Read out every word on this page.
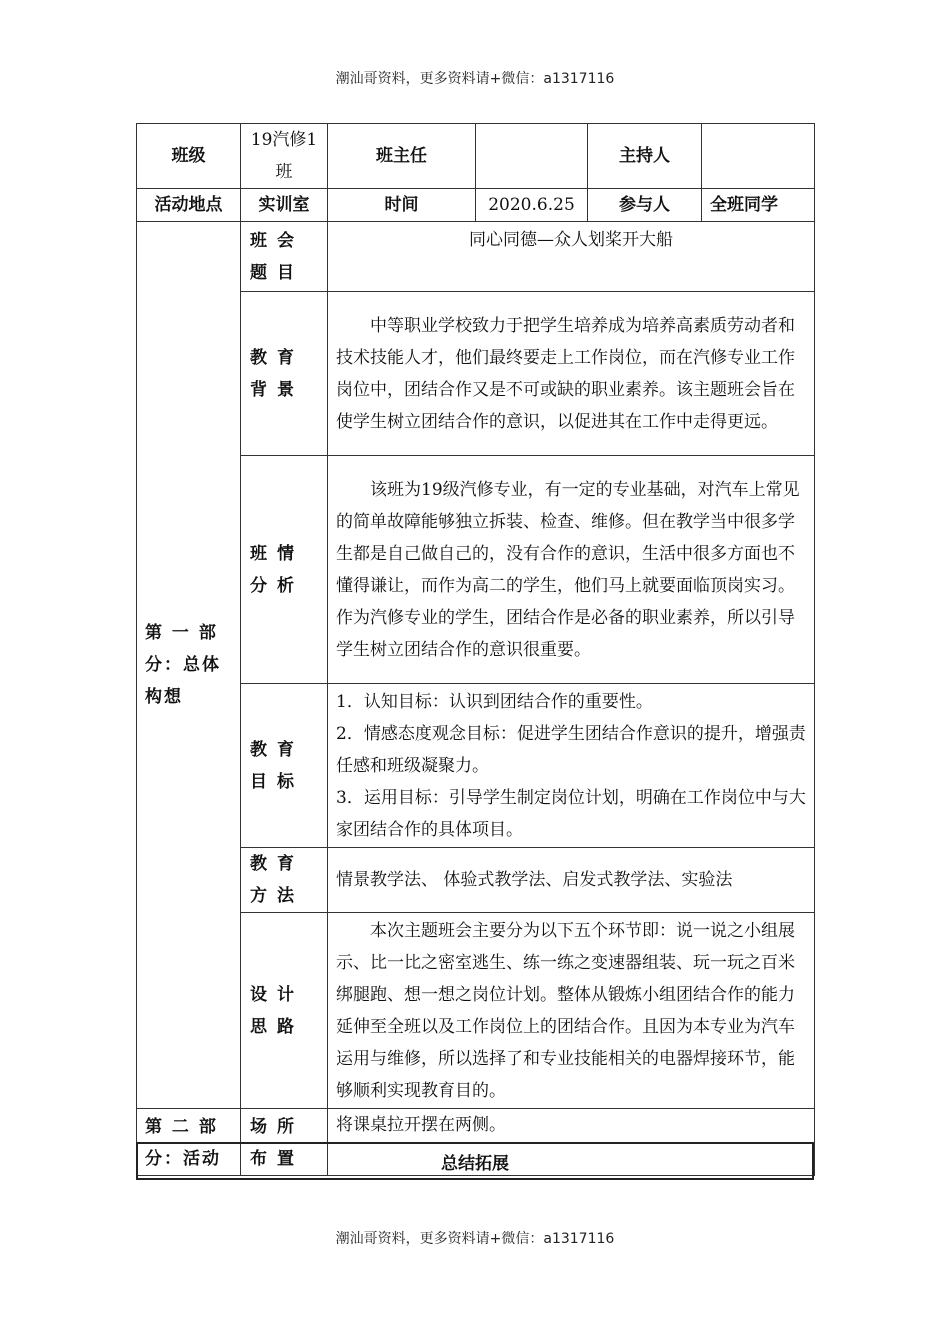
潮汕哥资料，更多资料请+微信：a1317116
班级	19汽修1班	班主任		主持人	
活动地点	实训室	时间	2020.6.25	参与人	全班同学
第 一 部 分：总体构想	班会题目	同心同德—众人划桨开大船			
	教育背景	中等职业学校致力于把学生培养成为培养高素质劳动者和技术技能人才，他们最终要走上工作岗位，而在汽修专业工作岗位中，团结合作又是不可或缺的职业素养。该主题班会旨在使学生树立团结合作的意识，以促进其在工作中走得更远。			
	班情分析	该班为19级汽修专业，有一定的专业基础，对汽车上常见的简单故障能够独立拆装、检查、维修。但在教学当中很多学生都是自己做自己的，没有合作的意识，生活中很多方面也不懂得谦让，而作为高二的学生，他们马上就要面临顶岗实习。作为汽修专业的学生，团结合作是必备的职业素养，所以引导学生树立团结合作的意识很重要。			
	教育目标	1．认知目标：认识到团结合作的重要性。

2．情感态度观念目标：促进学生团结合作意识的提升，增强责任感和班级凝聚力。

3．运用目标：引导学生制定岗位计划，明确在工作岗位中与大家团结合作的具体项目。			

	教育方法	情景教学法、 体验式教学法、启发式教学法、实验法			
	设计思路	本次主题班会主要分为以下五个环节即：说一说之小组展示、比一比之密室逃生、练一练之变速器组装、玩一玩之百米绑腿跑、想一想之岗位计划。整体从锻炼小组团结合作的能力延伸至全班以及工作岗位上的团结合作。且因为本专业为汽车运用与维修，所以选择了和专业技能相关的电器焊接环节，能够顺利实现教育目的。			
第 二 部 分：活动	场所布置	将课桌拉开摆在两侧。			
总结拓展
潮汕哥资料，更多资料请+微信：a1317116
